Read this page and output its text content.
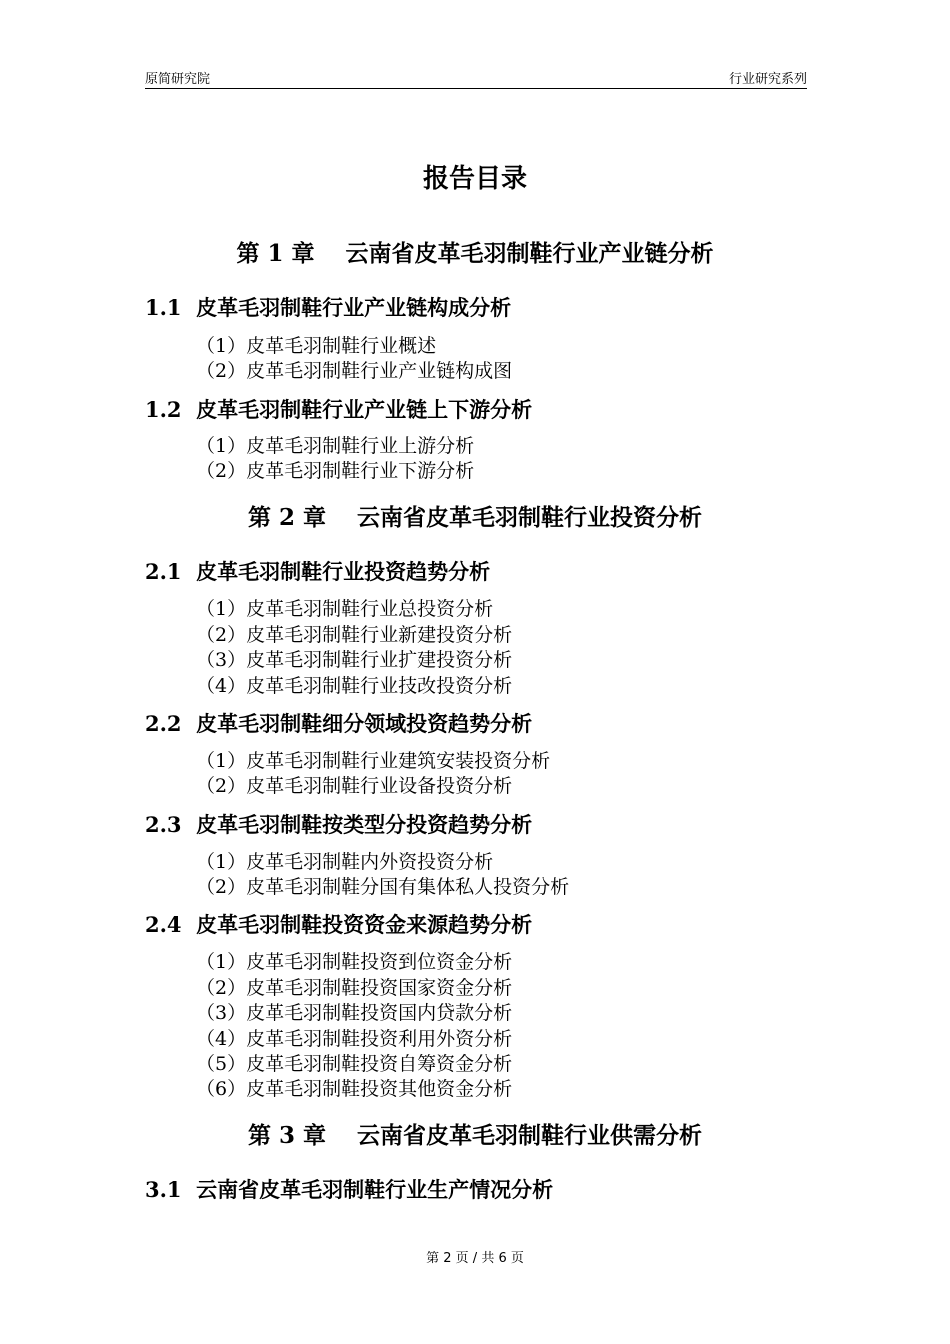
原简研究院	行业研究系列
报告目录
第 1 章　 云南省皮革毛羽制鞋行业产业链分析
1.1  皮革毛羽制鞋行业产业链构成分析
（1）皮革毛羽制鞋行业概述
（2）皮革毛羽制鞋行业产业链构成图
1.2  皮革毛羽制鞋行业产业链上下游分析
（1）皮革毛羽制鞋行业上游分析
（2）皮革毛羽制鞋行业下游分析
第 2 章　 云南省皮革毛羽制鞋行业投资分析
2.1  皮革毛羽制鞋行业投资趋势分析
（1）皮革毛羽制鞋行业总投资分析
（2）皮革毛羽制鞋行业新建投资分析
（3）皮革毛羽制鞋行业扩建投资分析
（4）皮革毛羽制鞋行业技改投资分析
2.2  皮革毛羽制鞋细分领域投资趋势分析
（1）皮革毛羽制鞋行业建筑安装投资分析
（2）皮革毛羽制鞋行业设备投资分析
2.3  皮革毛羽制鞋按类型分投资趋势分析
（1）皮革毛羽制鞋内外资投资分析
（2）皮革毛羽制鞋分国有集体私人投资分析
2.4  皮革毛羽制鞋投资资金来源趋势分析
（1）皮革毛羽制鞋投资到位资金分析
（2）皮革毛羽制鞋投资国家资金分析
（3）皮革毛羽制鞋投资国内贷款分析
（4）皮革毛羽制鞋投资利用外资分析
（5）皮革毛羽制鞋投资自筹资金分析
（6）皮革毛羽制鞋投资其他资金分析
第 3 章　 云南省皮革毛羽制鞋行业供需分析
3.1  云南省皮革毛羽制鞋行业生产情况分析
第 2 页 / 共 6 页
